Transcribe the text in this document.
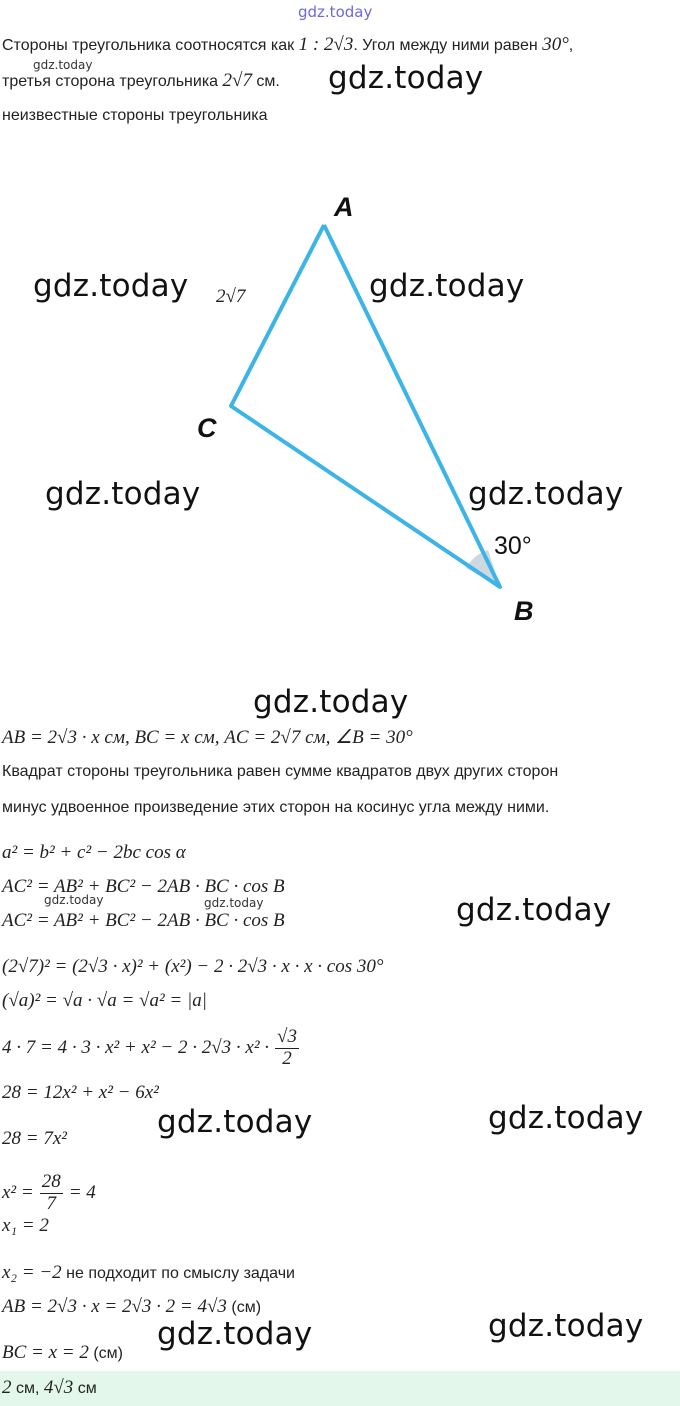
gdz.today
Стороны треугольника соотносятся как 1 : 2√3. Угол между ними равен 30°,
gdz.today
третья сторона треугольника 2√7 см. gdz.today
неизвестные стороны треугольника
A
B
C
2√7
30°
gdz.today	gdz.today
gdz.today	gdz.today
gdz.today
AB = 2√3 · x см, BC = x см, AC = 2√7 см, ∠B = 30°
Квадрат стороны треугольника равен сумме квадратов двух других сторон
минус удвоенное произведение этих сторон на косинус угла между ними.
a² = b² + c² − 2bc cos α
AC² = AB² + BC² − 2AB · BC · cos B
gdz.today	gdz.today
AC² = AB² + BC² − 2AB · BC · cos B	gdz.today
(2√7)² = (2√3 · x)² + (x²) − 2 · 2√3 · x · x · cos 30°
(√a)² = √a · √a = √a² = |a|
$4 \cdot 7 = 4 \cdot 3 \cdot x^2 + x^2 - 2 \cdot 2√3 \cdot x^2 \cdot \frac{√3}{2}$
28 = 12x² + x² − 6x²
gdz.today	gdz.today
28 = 7x²
$x^2 = \frac{28}{7} = 4$
x₁ = 2
x₂ = −2 не подходит по смыслу задачи
AB = 2√3 · x = 2√3 · 2 = 4√3 (см)
gdz.today	gdz.today
BC = x = 2 (см)
2 см, 4√3 см
